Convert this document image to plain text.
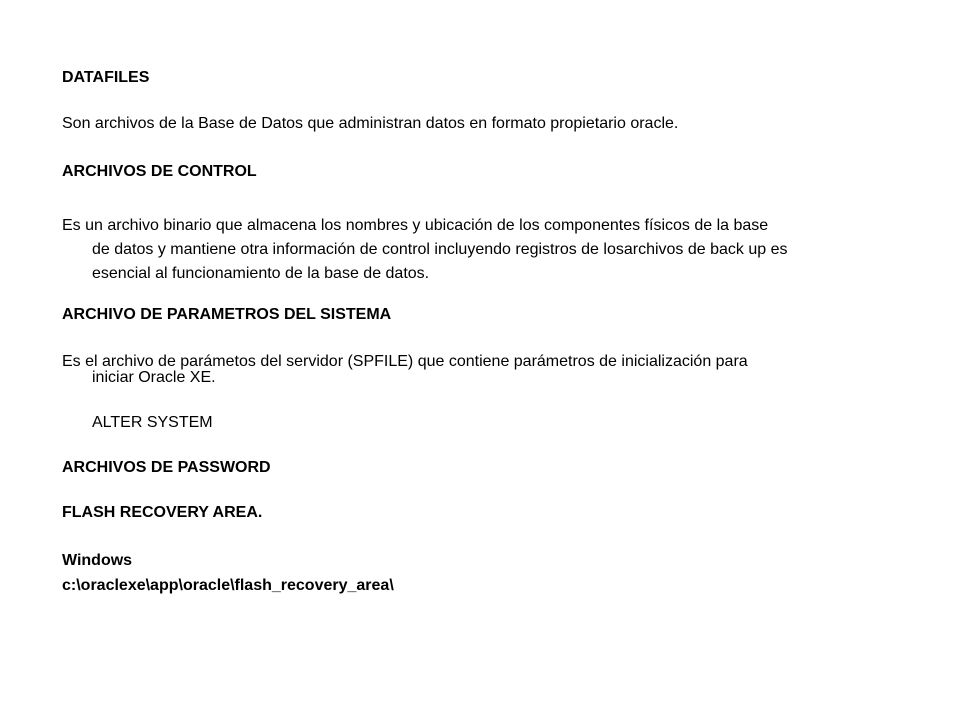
DATAFILES
Son archivos de la Base de Datos que administran datos en formato propietario oracle.
ARCHIVOS DE CONTROL
Es un archivo binario que almacena los nombres y ubicación de los componentes físicos de la base
de datos y mantiene otra información de control incluyendo registros de losarchivos de back up es
esencial al funcionamiento de la base de datos.
ARCHIVO DE PARAMETROS DEL SISTEMA
Es el archivo de parámetos del servidor (SPFILE) que contiene parámetros de inicialización para
iniciar Oracle XE.
ALTER SYSTEM
ARCHIVOS DE PASSWORD
FLASH RECOVERY AREA.
Windows
c:\oraclexe\app\oracle\flash_recovery_area\
